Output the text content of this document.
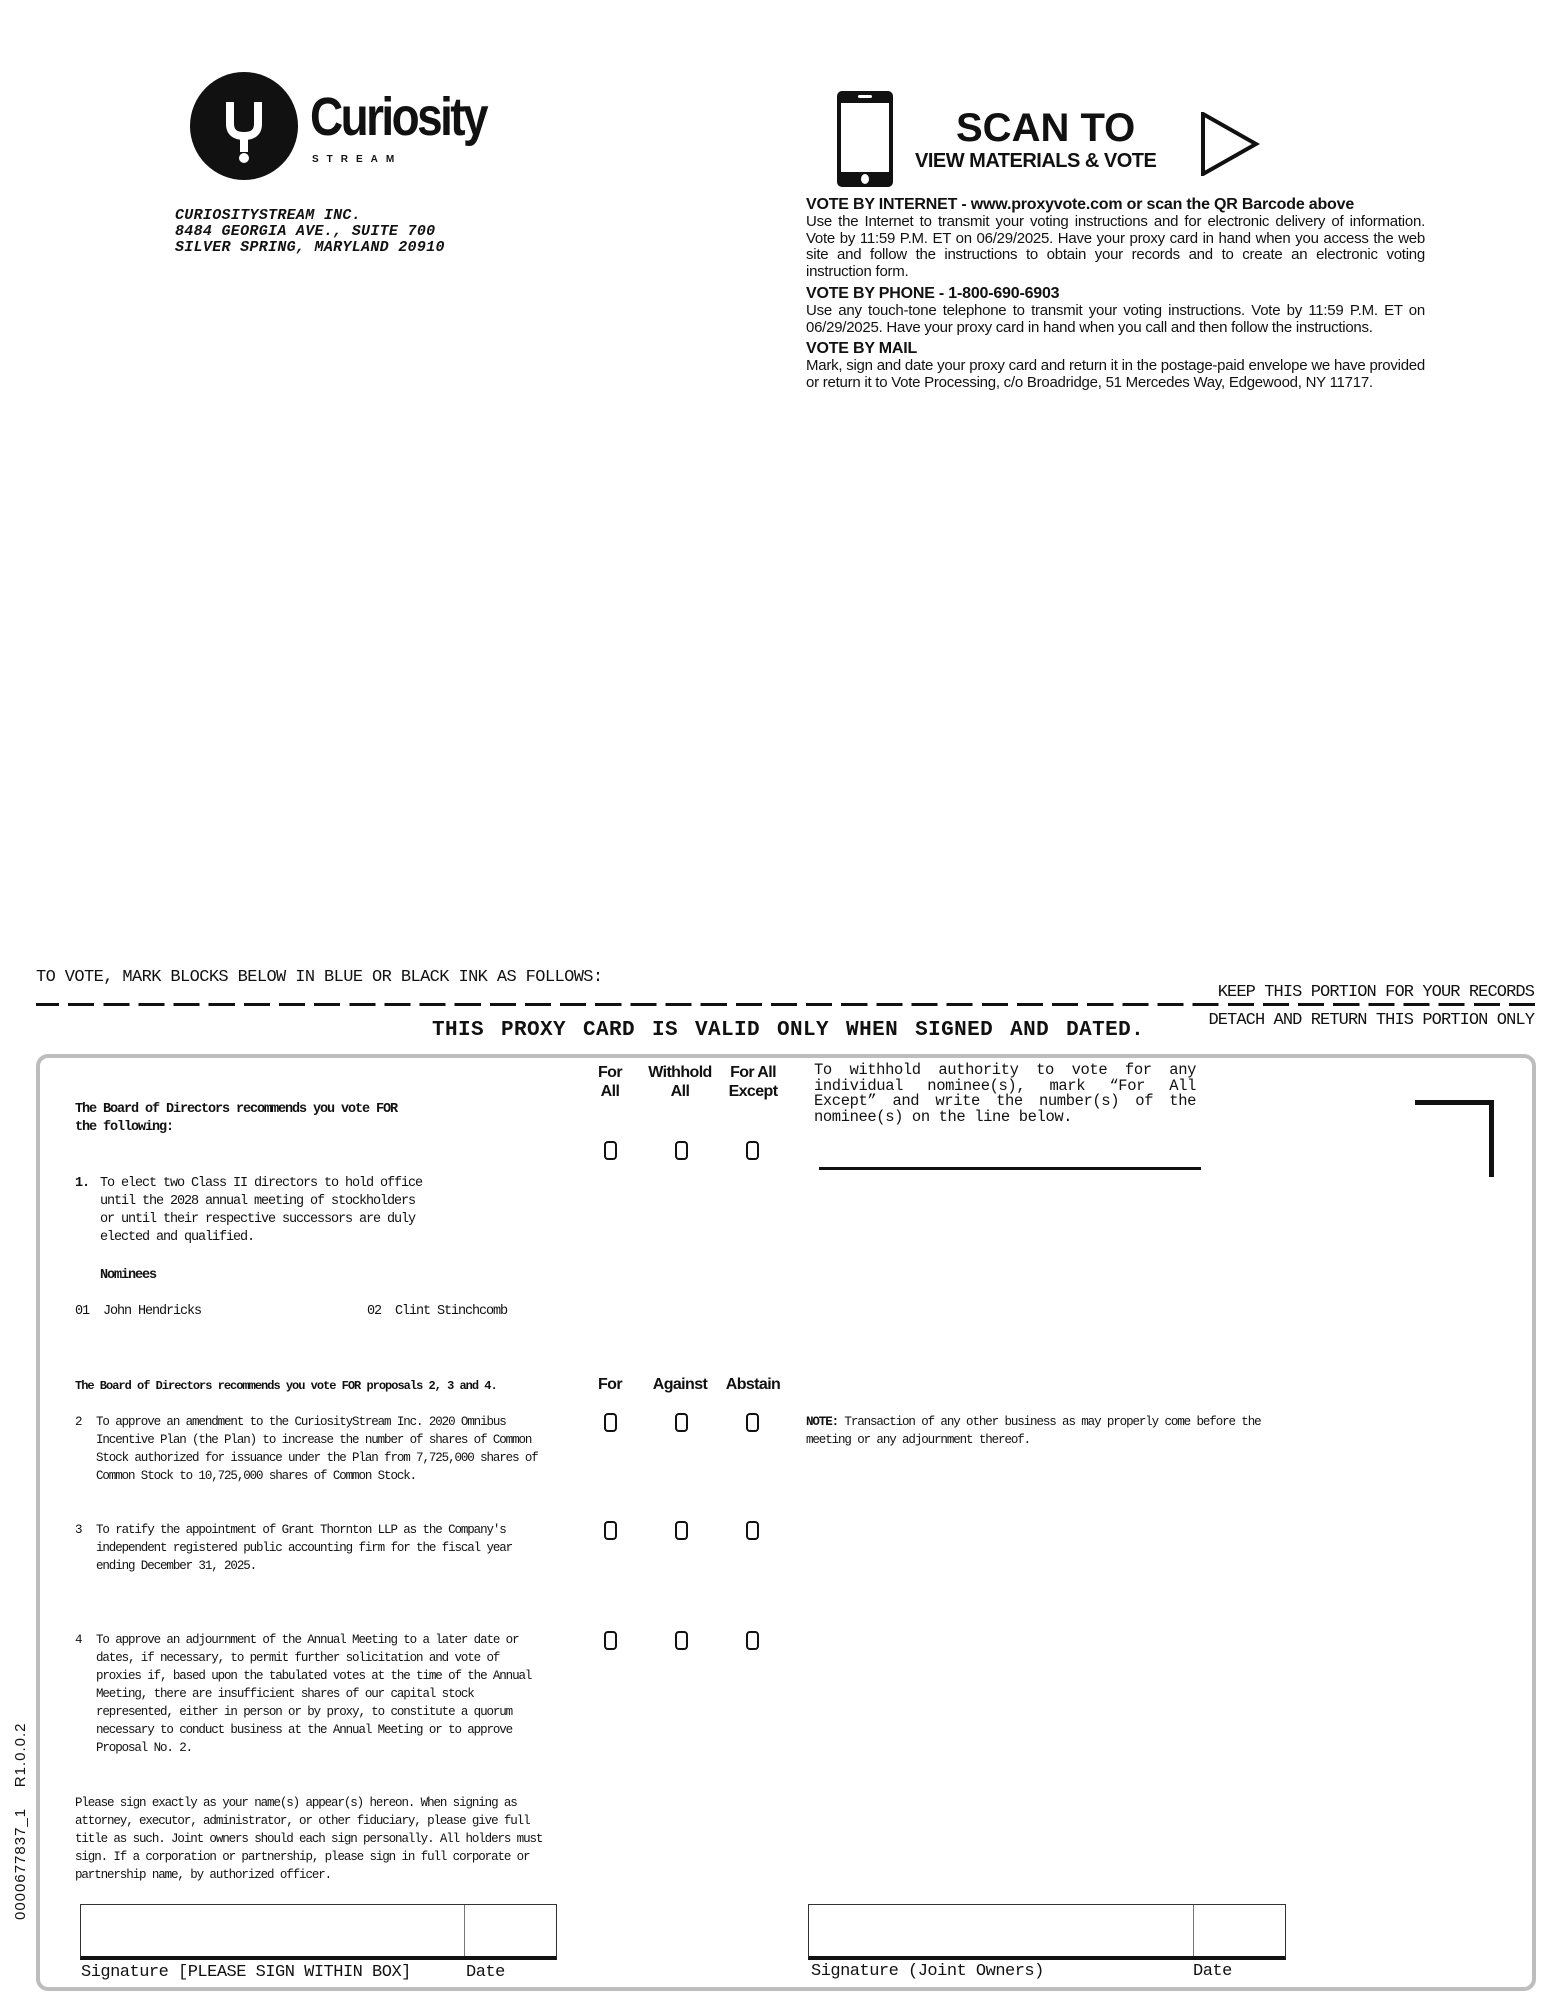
Curiosity
STREAM
CURIOSITYSTREAM INC.
8484 GEORGIA AVE., SUITE 700
SILVER SPRING, MARYLAND 20910
SCAN TO
VIEW MATERIALS & VOTE
VOTE BY INTERNET - www.proxyvote.com or scan the QR Barcode above
Use the Internet to transmit your voting instructions and for electronic delivery of information. Vote by 11:59 P.M. ET on 06/29/2025. Have your proxy card in hand when you access the web site and follow the instructions to obtain your records and to create an electronic voting instruction form.
VOTE BY PHONE - 1-800-690-6903
Use any touch-tone telephone to transmit your voting instructions. Vote by 11:59 P.M. ET on 06/29/2025. Have your proxy card in hand when you call and then follow the instructions.
VOTE BY MAIL
Mark, sign and date your proxy card and return it in the postage-paid envelope we have provided or return it to Vote Processing, c/o Broadridge, 51 Mercedes Way, Edgewood, NY 11717.
TO VOTE, MARK BLOCKS BELOW IN BLUE OR BLACK INK AS FOLLOWS:
KEEP THIS PORTION FOR YOUR RECORDS
DETACH AND RETURN THIS PORTION ONLY
THIS PROXY CARD IS VALID ONLY WHEN SIGNED AND DATED.
For
All
Withhold
All
For All
Except
To withhold authority to vote for any individual nominee(s), mark “For All Except” and write the number(s) of the nominee(s) on the line below.
The Board of Directors recommends you vote FOR
the following:
1. To elect two Class II directors to hold office
until the 2028 annual meeting of stockholders
or until their respective successors are duly
elected and qualified.
Nominees
01 John Hendricks	02 Clint Stinchcomb
The Board of Directors recommends you vote FOR proposals 2, 3 and 4.	For	Against	Abstain
2 To approve an amendment to the CuriosityStream Inc. 2020 Omnibus
Incentive Plan (the Plan) to increase the number of shares of Common
Stock authorized for issuance under the Plan from 7,725,000 shares of
Common Stock to 10,725,000 shares of Common Stock.
NOTE: Transaction of any other business as may properly come before the
meeting or any adjournment thereof.
3 To ratify the appointment of Grant Thornton LLP as the Company's
independent registered public accounting firm for the fiscal year
ending December 31, 2025.
4 To approve an adjournment of the Annual Meeting to a later date or
dates, if necessary, to permit further solicitation and vote of
proxies if, based upon the tabulated votes at the time of the Annual
Meeting, there are insufficient shares of our capital stock
represented, either in person or by proxy, to constitute a quorum
necessary to conduct business at the Annual Meeting or to approve
Proposal No. 2.
Please sign exactly as your name(s) appear(s) hereon. When signing as
attorney, executor, administrator, or other fiduciary, please give full
title as such. Joint owners should each sign personally. All holders must
sign. If a corporation or partnership, please sign in full corporate or
partnership name, by authorized officer.
Signature [PLEASE SIGN WITHIN BOX]	Date	Signature (Joint Owners)	Date
0000677837_1    R1.0.0.2
